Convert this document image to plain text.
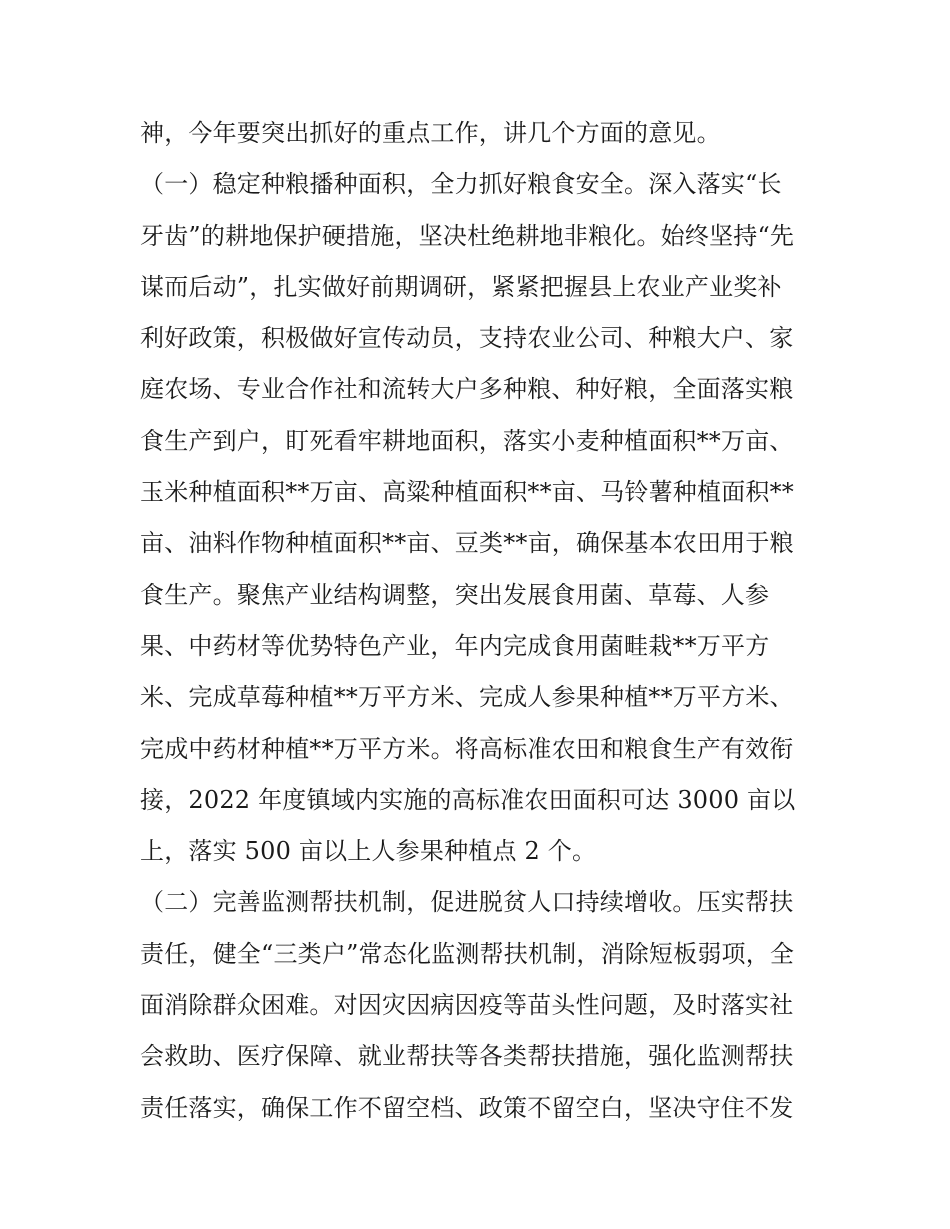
神，今年要突出抓好的重点工作，讲几个方面的意见。
（一）稳定种粮播种面积，全力抓好粮食安全。深入落实“长
牙齿”的耕地保护硬措施，坚决杜绝耕地非粮化。始终坚持“先
谋而后动”，扎实做好前期调研，紧紧把握县上农业产业奖补
利好政策，积极做好宣传动员，支持农业公司、种粮大户、家
庭农场、专业合作社和流转大户多种粮、种好粮，全面落实粮
食生产到户，盯死看牢耕地面积，落实小麦种植面积**万亩、
玉米种植面积**万亩、高粱种植面积**亩、马铃薯种植面积**
亩、油料作物种植面积**亩、豆类**亩，确保基本农田用于粮
食生产。聚焦产业结构调整，突出发展食用菌、草莓、人参
果、中药材等优势特色产业，年内完成食用菌畦栽**万平方
米、完成草莓种植**万平方米、完成人参果种植**万平方米、
完成中药材种植**万平方米。将高标准农田和粮食生产有效衔
接，2022 年度镇域内实施的高标准农田面积可达 3000 亩以
上，落实 500 亩以上人参果种植点 2 个。
（二）完善监测帮扶机制，促进脱贫人口持续增收。压实帮扶
责任，健全“三类户”常态化监测帮扶机制，消除短板弱项，全
面消除群众困难。对因灾因病因疫等苗头性问题，及时落实社
会救助、医疗保障、就业帮扶等各类帮扶措施，强化监测帮扶
责任落实，确保工作不留空档、政策不留空白，坚决守住不发
